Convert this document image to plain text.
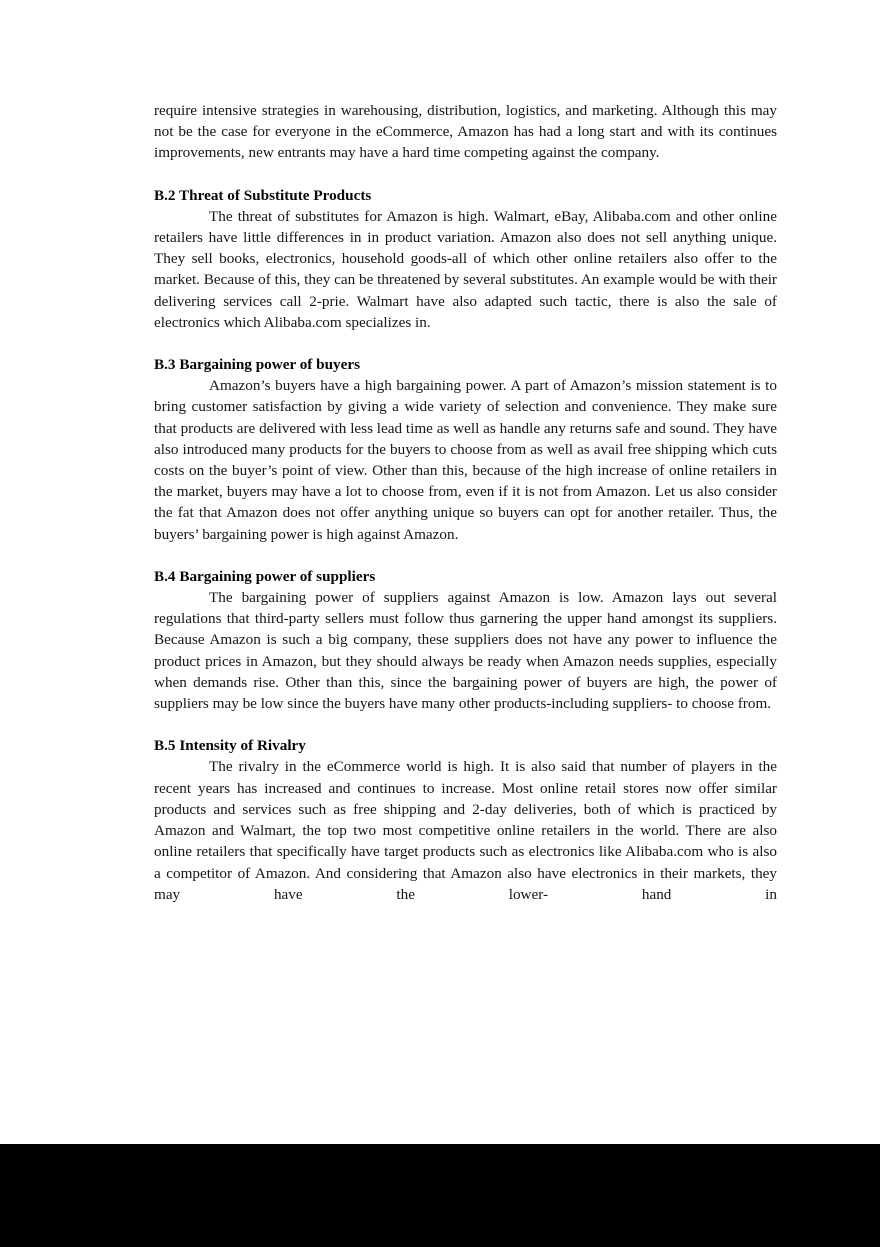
require intensive strategies in warehousing, distribution, logistics, and marketing. Although this may not be the case for everyone in the eCommerce, Amazon has had a long start and with its continues improvements, new entrants may have a hard time competing against the company.

B.2 Threat of Substitute Products

The threat of substitutes for Amazon is high. Walmart, eBay, Alibaba.com and other online retailers have little differences in in product variation. Amazon also does not sell anything unique. They sell books, electronics, household goods-all of which other online retailers also offer to the market. Because of this, they can be threatened by several substitutes. An example would be with their delivering services call 2-prie. Walmart have also adapted such tactic, there is also the sale of electronics which Alibaba.com specializes in.

B.3 Bargaining power of buyers

Amazon’s buyers have a high bargaining power. A part of Amazon’s mission statement is to bring customer satisfaction by giving a wide variety of selection and convenience. They make sure that products are delivered with less lead time as well as handle any returns safe and sound. They have also introduced many products for the buyers to choose from as well as avail free shipping which cuts costs on the buyer’s point of view. Other than this, because of the high increase of online retailers in the market, buyers may have a lot to choose from, even if it is not from Amazon. Let us also consider the fat that Amazon does not offer anything unique so buyers can opt for another retailer. Thus, the buyers’ bargaining power is high against Amazon.

B.4 Bargaining power of suppliers

The bargaining power of suppliers against Amazon is low. Amazon lays out several regulations that third-party sellers must follow thus garnering the upper hand amongst its suppliers. Because Amazon is such a big company, these suppliers does not have any power to influence the product prices in Amazon, but they should always be ready when Amazon needs supplies, especially when demands rise. Other than this, since the bargaining power of buyers are high, the power of suppliers may be low since the buyers have many other products-including suppliers- to choose from.

B.5 Intensity of Rivalry

The rivalry in the eCommerce world is high. It is also said that number of players in the recent years has increased and continues to increase. Most online retail stores now offer similar products and services such as free shipping and 2-day deliveries, both of which is practiced by Amazon and Walmart, the top two most competitive online retailers in the world. There are also online retailers that specifically have target products such as electronics like Alibaba.com who is also a competitor of Amazon. And considering that Amazon also have electronics in their markets, they may have the lower- hand in
